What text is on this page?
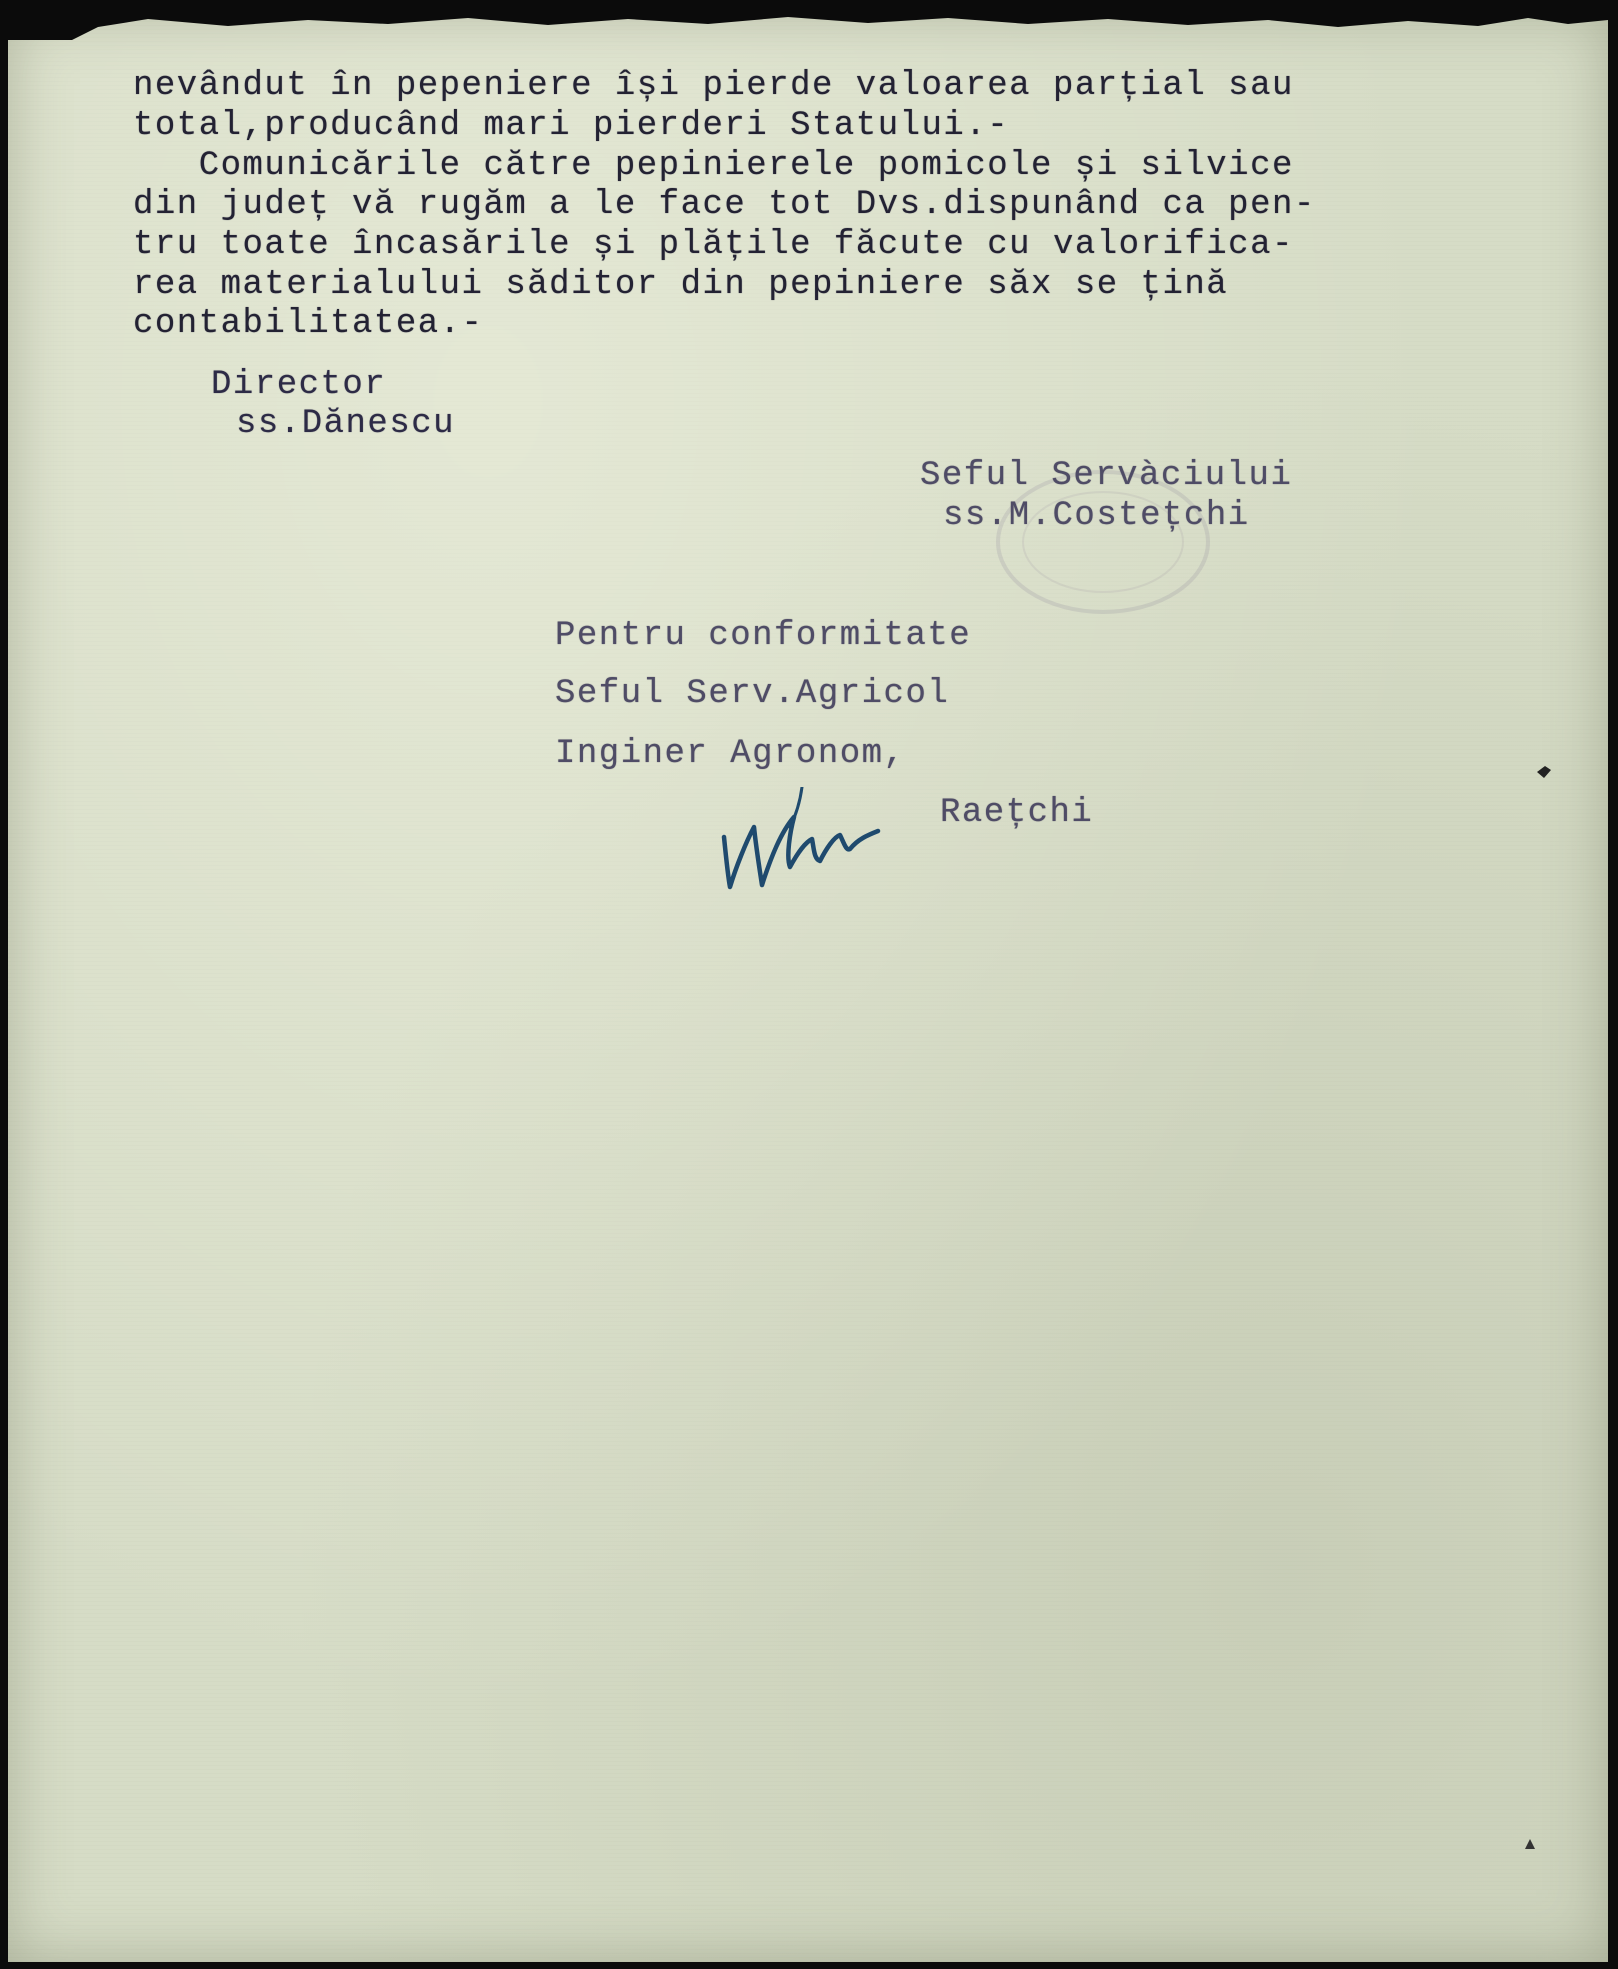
nevândut în pepeniere își pierde valoarea parțial sau
total,producând mari pierderi Statului.-
Comunicările către pepinierele pomicole și silvice
din județ vă rugăm a le face tot Dvs.dispunând ca pen-
tru toate încasările și plățile făcute cu valorifica-
rea materialului săditor din pepiniere săx se țină
contabilitatea.-
Director
ss.Dănescu
Seful Servàciului
ss.M.Costețchi
Pentru conformitate
Seful Serv.Agricol
Inginer Agronom,
Raețchi
